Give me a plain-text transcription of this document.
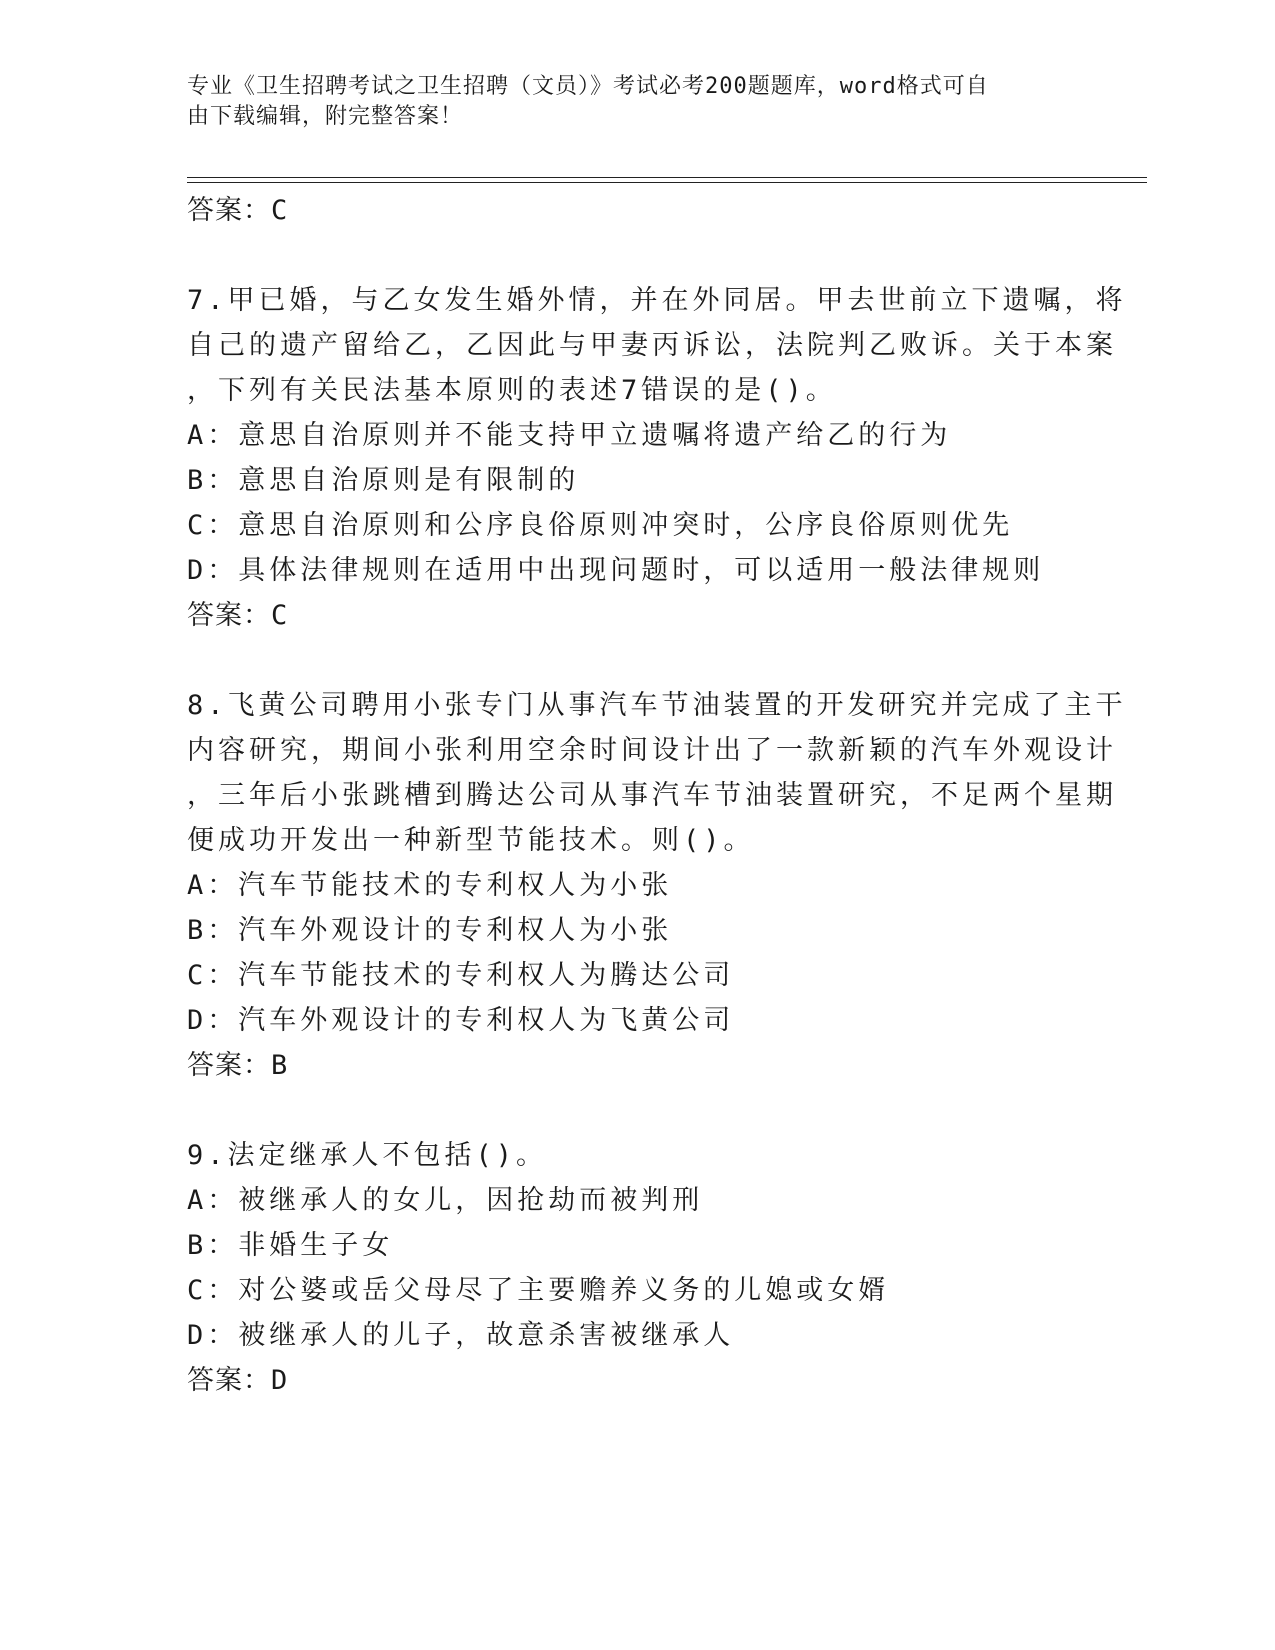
专业《卫生招聘考试之卫生招聘（文员）》考试必考200题题库，word格式可自
由下载编辑，附完整答案！
答案：C
7.甲已婚，与乙女发生婚外情，并在外同居。甲去世前立下遗嘱，将
自己的遗产留给乙，乙因此与甲妻丙诉讼，法院判乙败诉。关于本案
，下列有关民法基本原则的表述7错误的是()。
A：意思自治原则并不能支持甲立遗嘱将遗产给乙的行为
B：意思自治原则是有限制的
C：意思自治原则和公序良俗原则冲突时，公序良俗原则优先
D：具体法律规则在适用中出现问题时，可以适用一般法律规则
答案：C
8.飞黄公司聘用小张专门从事汽车节油装置的开发研究并完成了主干
内容研究，期间小张利用空余时间设计出了一款新颖的汽车外观设计
，三年后小张跳槽到腾达公司从事汽车节油装置研究，不足两个星期
便成功开发出一种新型节能技术。则()。
A：汽车节能技术的专利权人为小张
B：汽车外观设计的专利权人为小张
C：汽车节能技术的专利权人为腾达公司
D：汽车外观设计的专利权人为飞黄公司
答案：B
9.法定继承人不包括()。
A：被继承人的女儿，因抢劫而被判刑
B：非婚生子女
C：对公婆或岳父母尽了主要赡养义务的儿媳或女婿
D：被继承人的儿子，故意杀害被继承人
答案：D
